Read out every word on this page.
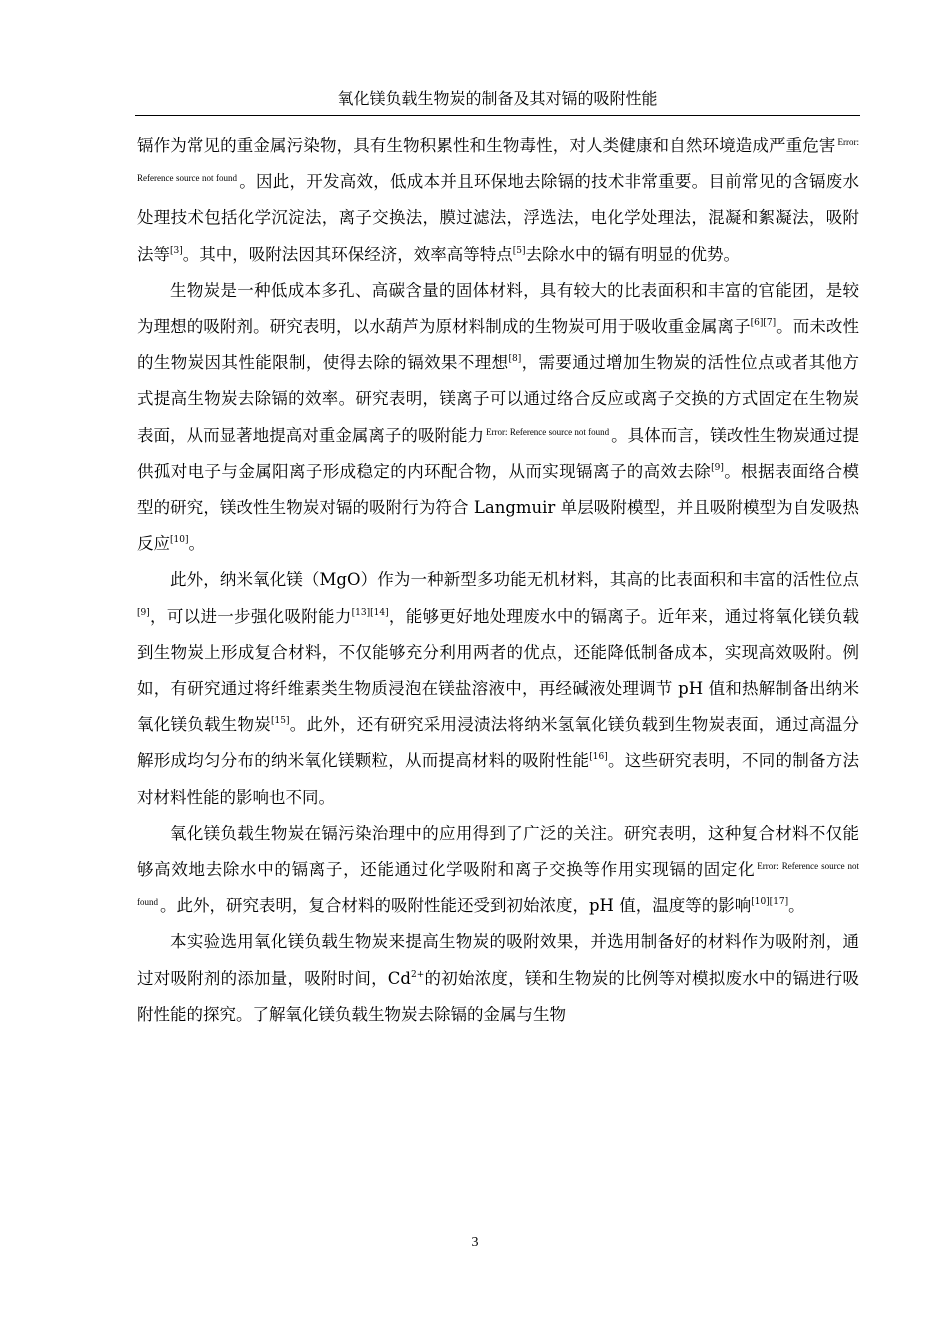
氧化镁负载生物炭的制备及其对镉的吸附性能

镉作为常见的重金属污染物，具有生物积累性和生物毒性，对人类健康和自然环境造成严重危害 $^{Error: Reference source not found}$ 。因此，开发高效，低成本并且环保地去除镉的技术非常重要。目前常见的含镉废水处理技术包括化学沉淀法，离子交换法，膜过滤法，浮选法，电化学处理法，混凝和絮凝法，吸附法等[3]。其中，吸附法因其环保经济，效率高等特点[5]去除水中的镉有明显的优势。

生物炭是一种低成本多孔、高碳含量的固体材料，具有较大的比表面积和丰富的官能团，是较为理想的吸附剂。研究表明，以水葫芦为原材料制成的生物炭可用于吸收重金属离子[6][7]。而未改性的生物炭因其性能限制，使得去除的镉效果不理想[8]，需要通过增加生物炭的活性位点或者其他方式提高生物炭去除镉的效率。研究表明，镁离子可以通过络合反应或离子交换的方式固定在生物炭表面，从而显著地提高对重金属离子的吸附能力 $^{Error: Reference source not found}$ 。具体而言，镁改性生物炭通过提供孤对电子与金属阳离子形成稳定的内环配合物，从而实现镉离子的高效去除[9]。根据表面络合模型的研究，镁改性生物炭对镉的吸附行为符合 Langmuir 单层吸附模型，并且吸附模型为自发吸热反应[10]。

此外，纳米氧化镁（MgO）作为一种新型多功能无机材料，其高的比表面积和丰富的活性位点[9]，可以进一步强化吸附能力[13][14]，能够更好地处理废水中的镉离子。近年来，通过将氧化镁负载到生物炭上形成复合材料，不仅能够充分利用两者的优点，还能降低制备成本，实现高效吸附。例如，有研究通过将纤维素类生物质浸泡在镁盐溶液中，再经碱液处理调节 pH 值和热解制备出纳米氧化镁负载生物炭[15]。此外，还有研究采用浸渍法将纳米氢氧化镁负载到生物炭表面，通过高温分解形成均匀分布的纳米氧化镁颗粒，从而提高材料的吸附性能[16]。这些研究表明，不同的制备方法对材料性能的影响也不同。

氧化镁负载生物炭在镉污染治理中的应用得到了广泛的关注。研究表明，这种复合材料不仅能够高效地去除水中的镉离子，还能通过化学吸附和离子交换等作用实现镉的固定化 $^{Error: Reference source not found}$ 。此外，研究表明，复合材料的吸附性能还受到初始浓度，pH 值，温度等的影响[10][17]。

本实验选用氧化镁负载生物炭来提高生物炭的吸附效果，并选用制备好的材料作为吸附剂，通过对吸附剂的添加量，吸附时间，$Cd^{2+}$的初始浓度，镁和生物炭的比例等对模拟废水中的镉进行吸附性能的探究。了解氧化镁负载生物炭去除镉的金属与生物

3
